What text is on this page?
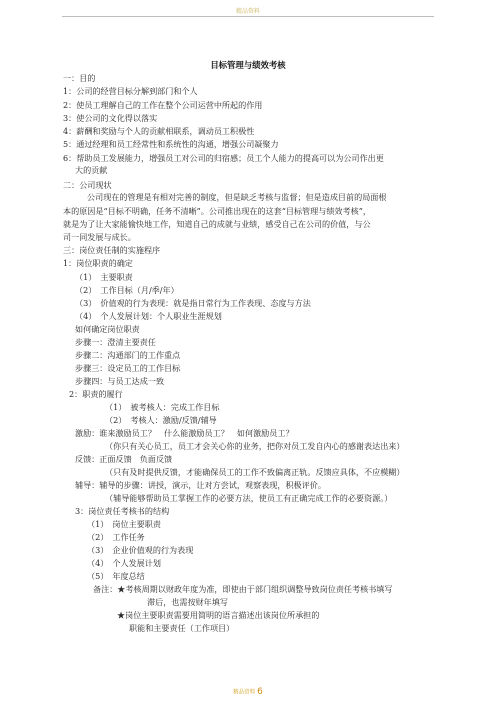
精品资料
目标管理与绩效考核
一：目的
1：公司的经营目标分解到部门和个人
2：使员工理解自己的工作在整个公司运营中所起的作用
3：使公司的文化得以落实
4：薪酬和奖励与个人的贡献相联系，调动员工积极性
5：通过经理和员工经常性和系统性的沟通，增强公司凝聚力
6：帮助员工发展能力，增强员工对公司的归宿感；员工个人能力的提高可以为公司作出更
大的贡献
二：公司现状
公司现在的管理是有相对完善的制度，但是缺乏考核与监督；但是造成目前的局面根
本的原因是“目标不明确，任务不清晰”。公司推出现在的这套“目标管理与绩效考核”，
就是为了让大家能愉快地工作，知道自己的成就与业绩，感受自己在公司的价值，与公
司一同发展与成长。
三：岗位责任制的实施程序
1：岗位职责的确定
（1）　主要职责
（2）　工作目标（月/季/年）
（3）　价值观的行为表现：就是指日常行为工作表现、态度与方法
（4）　个人发展计划：个人职业生涯规划
如何确定岗位职责
步骤一：澄清主要责任
步骤二：沟通部门的工作重点
步骤三：设定员工的工作目标
步骤四：与员工达成一致
2：职责的履行
（1）　被考核人：完成工作目标
（2）　考核人：激励/反馈/辅导
激励：谁来激励员工？　什么能激励员工？　如何激励员工？
（你只有关心员工，员工才会关心你的业务，把你对员工发自内心的感谢表达出来）
反馈：正面反馈　负面反馈
（只有及时提供反馈，才能确保员工的工作不致偏离正轨。反馈应具体，不应模糊）
辅导：辅导的步骤：讲授，演示，让对方尝试，观察表现，积极评价。
（辅导能够帮助员工掌握工作的必要方法，使员工有正确完成工作的必要资源。）
3：岗位责任考核书的结构
（1）　岗位主要职责
（2）　工作任务
（3）　企业价值观的行为表现
（4）　个人发展计划
（5）　年度总结
备注：★考核周期以财政年度为准，即使由于部门组织调整导致岗位责任考核书填写
滞后，也需按财年填写
★岗位主要职责需要用简明的语言描述出该岗位所承担的
职能和主要责任（工作项目）
精品资料 6
